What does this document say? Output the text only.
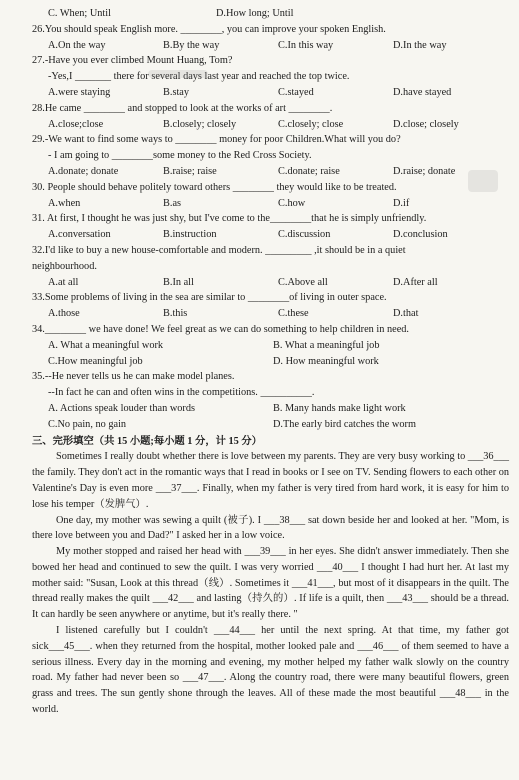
C. When; Until	D.How long; Until
26.You should speak English more. ________, you can improve your spoken English.
A.On the way	B.By the way	C.In this way	D.In the way
27.-Have you ever climbed Mount Huang, Tom?
-Yes,I _______ there for several days last year and reached the top twice.
A.were staying	B.stay	C.stayed	D.have stayed
28.He came ________ and stopped to look at the works of art ________.
A.close;close	B.closely; closely	C.closely; close	D.close; closely
29.-We want to find some ways to ________ money for poor Children.What will you do?
- I am going to ________some money to the Red Cross Society.
A.donate; donate	B.raise; raise	C.donate; raise	D.raise; donate
30. People should behave politely toward others ________ they would like to be treated.
A.when	B.as	C.how	D.if
31. At first, I thought he was just shy, but I've come to the________that he is simply unfriendly.
A.conversation	B.instruction	C.discussion	D.conclusion
32.I'd like to buy a new house-comfortable and modern. _________ ,it should be in a quiet
neighbourhood.
A.at all	B.In all	C.Above all	D.After all
33.Some problems of living in the sea are similar to ________of living in outer space.
A.those	B.this	C.these	D.that
34.________ we have done! We feel great as we can do something to help children in need.
A. What a meaningful work	B. What a meaningful job
C.How meaningful job	D. How meaningful work
35.--He never tells us he can make model planes.
--In fact he can and often wins in the competitions. __________.
A. Actions speak louder than words	B. Many hands make light work
C.No pain, no gain	D.The early bird catches the worm
三、完形填空（共 15 小题;每小题 1 分，计 15 分）

Sometimes I really doubt whether there is love between my parents. They are very busy working to ___36___ the family. They don't act in the romantic ways that I read in books or I see on TV. Sending flowers to each other on Valentine's Day is even more ___37___. Finally, when my father is very tired from hard work, it is easy for him to lose his temper（发脾气）.

One day, my mother was sewing a quilt (被子). I ___38___ sat down beside her and looked at her. "Mom, is there love between you and Dad?" I asked her in a low voice.

My mother stopped and raised her head with ___39___ in her eyes. She didn't answer immediately. Then she bowed her head and continued to sew the quilt. I was very worried ___40___ I thought I had hurt her. At last my mother said: "Susan, Look at this thread（线）. Sometimes it ___41___, but most of it disappears in the quilt. The thread really makes the quilt ___42___ and lasting（持久的）. If life is a quilt, then ___43___ should be a thread. It can hardly be seen anywhere or anytime, but it's really there. "

I listened carefully but I couldn't ___44___ her until the next spring. At that time, my father got sick___45___. when they returned from the hospital, mother looked pale and ___46___ of them seemed to have a serious illness. Every day in the morning and evening, my mother helped my father walk slowly on the country road. My father had never been so ___47___. Along the country road, there were many beautiful flowers, green grass and trees. The sun gently shone through the leaves. All of these made the most beautiful ___48___ in the world.
